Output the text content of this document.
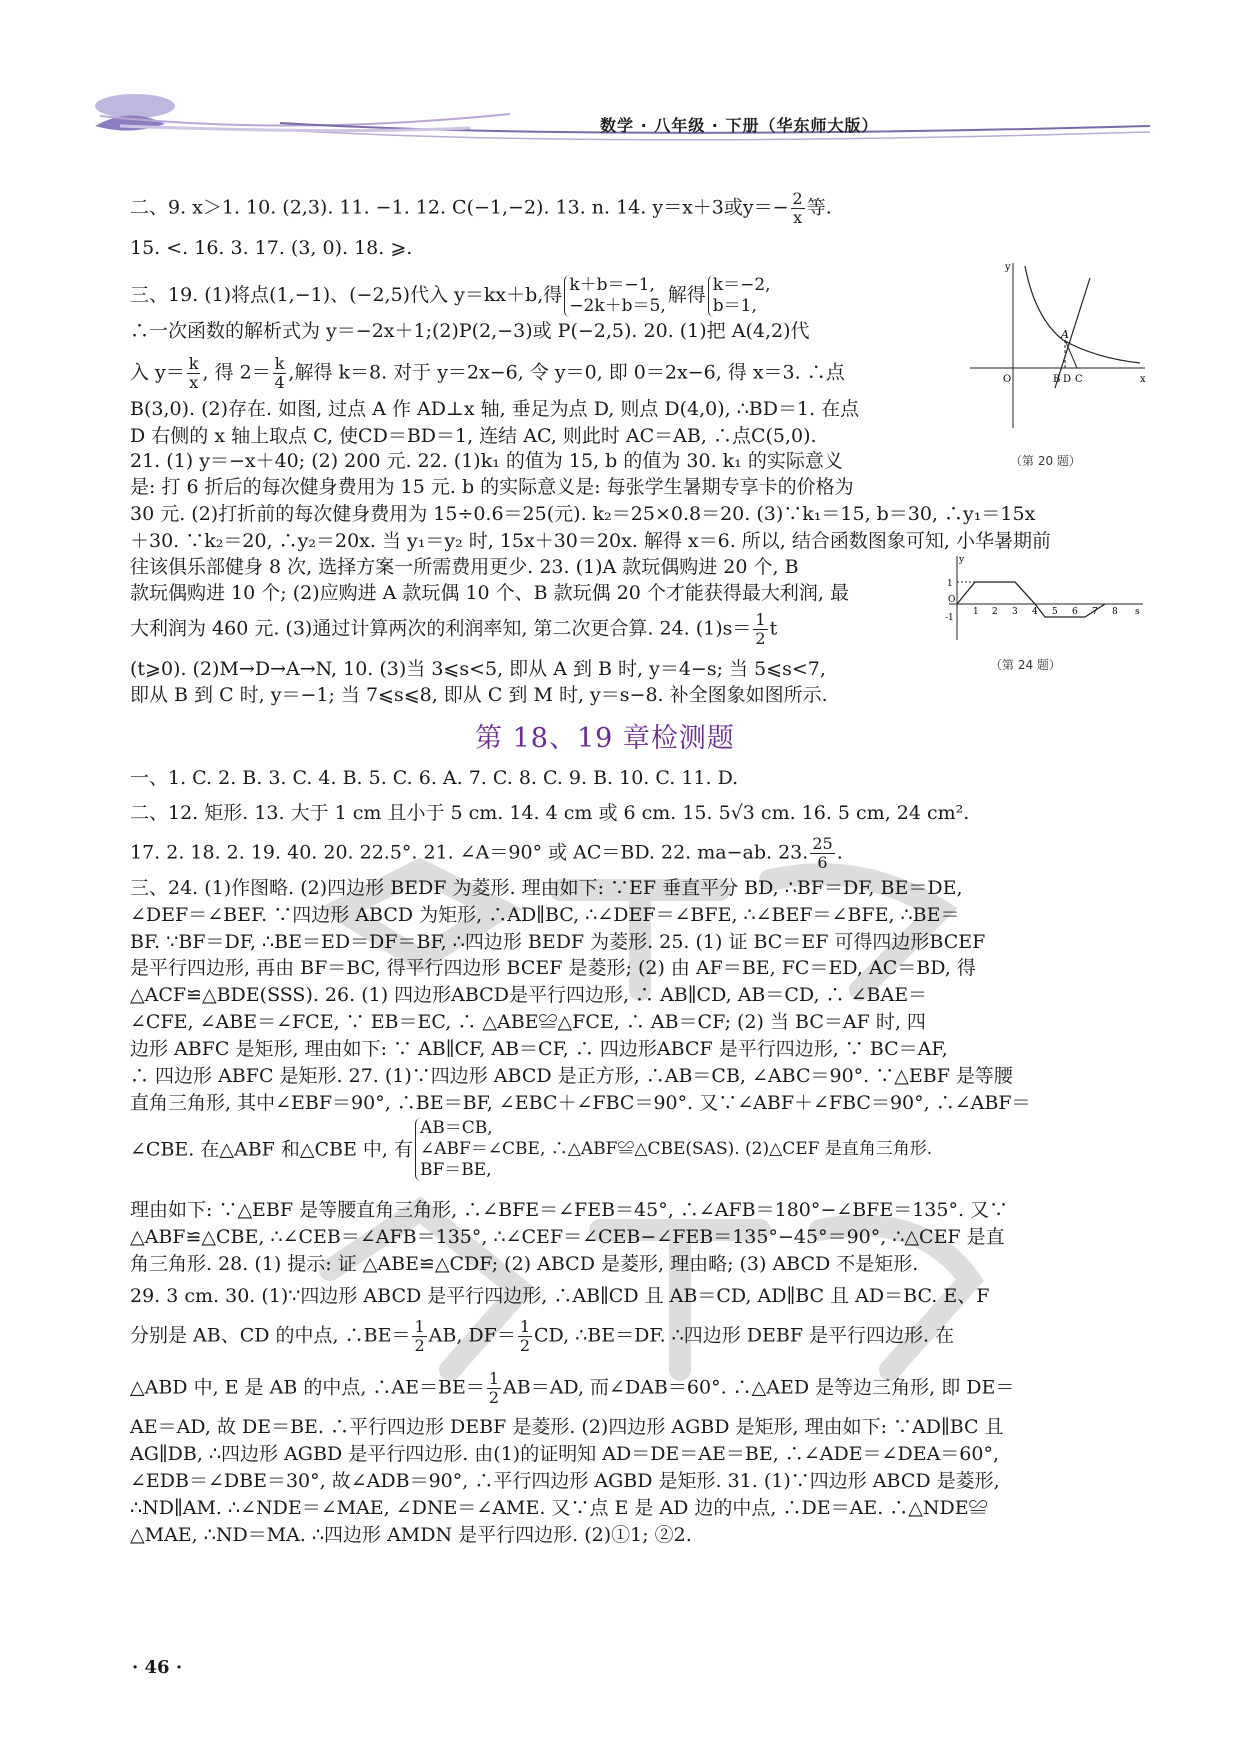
数学 · 八年级 · 下册（华东师大版）
二、9. x＞1. 10. (2,3). 11. −1. 12. C(−1,−2). 13. n. 14. y＝x＋3或$y=- \frac{2}{x}$ 等.
15. <. 16. 3. 17. (3, 0). 18. ⩾.
三、19. (1)将点(1,−1)、(−2,5)代入 y＝kx＋b,得 k＋b＝−1,
−2k＋b＝5, 解得 k＝−2,
b＝1,
∴一次函数的解析式为 y＝−2x＋1;(2)P(2,−3)或 P(−2,5). 20. (1)把 A(4,2)代
入 $y= \frac{k}{x}$ , 得 $2= \frac{k}{4}$ ,解得 k＝8. 对于 y＝2x−6, 令 y＝0, 即 0＝2x−6, 得 x＝3. ∴点
B(3,0). (2)存在. 如图, 过点 A 作 AD⊥x 轴, 垂足为点 D, 则点 D(4,0), ∴BD＝1. 在点
D 右侧的 x 轴上取点 C, 使CD＝BD＝1, 连结 AC, 则此时 AC＝AB, ∴点C(5,0).
21. (1) y＝−x＋40; (2) 200 元. 22. (1)k₁ 的值为 15, b 的值为 30. k₁ 的实际意义
是: 打 6 折后的每次健身费用为 15 元. b 的实际意义是: 每张学生暑期专享卡的价格为
30 元. (2)打折前的每次健身费用为 15÷0.6＝25(元). k₂＝25×0.8＝20. (3)∵k₁＝15, b＝30, ∴y₁＝15x
＋30. ∵k₂＝20, ∴y₂＝20x. 当 y₁＝y₂ 时, 15x＋30＝20x. 解得 x＝6. 所以, 结合函数图象可知, 小华暑期前
往该俱乐部健身 8 次, 选择方案一所需费用更少. 23. (1)A 款玩偶购进 20 个, B
款玩偶购进 10 个; (2)应购进 A 款玩偶 10 个、B 款玩偶 20 个才能获得最大利润, 最
大利润为 460 元. (3)通过计算两次的利润率知, 第二次更合算. 24. $(1)s= \frac{1}{2}$ t
(t⩾0). (2)M→D→A→N, 10. (3)当 3⩽s<5, 即从 A 到 B 时, y＝4−s; 当 5⩽s<7,
即从 B 到 C 时, y＝−1; 当 7⩽s⩽8, 即从 C 到 M 时, y＝s−8. 补全图象如图所示.
y
A
O	B D C	x
（第 20 题）
y
O
1 2 3 4 5 6 7 8 s
1
-1
（第 24 题）
第 18、19 章检测题
一、1. C. 2. B. 3. C. 4. B. 5. C. 6. A. 7. C. 8. C. 9. B. 10. C. 11. D.
二、12. 矩形. 13. 大于 1 cm 且小于 5 cm. 14. 4 cm 或 6 cm. 15. 5√3 cm. 16. 5 cm, 24 cm².
17. 2. 18. 2. 19. 40. 20. 22.5°. 21. ∠A＝90° 或 AC＝BD. 22. ma−ab. 23. $\frac{25}{6}$ .
三、24. (1)作图略. (2)四边形 BEDF 为菱形. 理由如下: ∵EF 垂直平分 BD, ∴BF＝DF, BE＝DE,
∠DEF＝∠BEF. ∵四边形 ABCD 为矩形, ∴AD∥BC, ∴∠DEF＝∠BFE, ∴∠BEF＝∠BFE, ∴BE＝
BF. ∵BF＝DF, ∴BE＝ED＝DF＝BF, ∴四边形 BEDF 为菱形. 25. (1) 证 BC＝EF 可得四边形BCEF
是平行四边形, 再由 BF＝BC, 得平行四边形 BCEF 是菱形; (2) 由 AF＝BE, FC＝ED, AC＝BD, 得
△ACF≌△BDE(SSS). 26. (1) 四边形ABCD是平行四边形, ∴ AB∥CD, AB＝CD, ∴ ∠BAE＝
∠CFE, ∠ABE＝∠FCE, ∵ EB＝EC, ∴ △ABE≌△FCE, ∴ AB＝CF; (2) 当 BC＝AF 时, 四
边形 ABFC 是矩形, 理由如下: ∵ AB∥CF, AB＝CF, ∴ 四边形ABCF 是平行四边形, ∵ BC＝AF,
∴ 四边形 ABFC 是矩形. 27. (1)∵四边形 ABCD 是正方形, ∴AB＝CB, ∠ABC＝90°. ∵△EBF 是等腰
直角三角形, 其中∠EBF＝90°, ∴BE＝BF, ∠EBC＋∠FBC＝90°. 又∵∠ABF＋∠FBC＝90°, ∴∠ABF＝
∠CBE. 在△ABF 和△CBE 中, 有
AB＝CB,
∠ABF＝∠CBE, ∴△ABF≌△CBE(SAS). (2)△CEF 是直角三角形.
BF＝BE,
理由如下: ∵△EBF 是等腰直角三角形, ∴∠BFE＝∠FEB＝45°, ∴∠AFB＝180°−∠BFE＝135°. 又∵
△ABF≌△CBE, ∴∠CEB＝∠AFB＝135°, ∴∠CEF＝∠CEB−∠FEB＝135°−45°＝90°, ∴△CEF 是直
角三角形. 28. (1) 提示: 证 △ABE≌△CDF; (2) ABCD 是菱形, 理由略; (3) ABCD 不是矩形.
29. 3 cm. 30. (1)∵四边形 ABCD 是平行四边形, ∴AB∥CD 且 AB＝CD, AD∥BC 且 AD＝BC. E、F
分别是 AB、CD 的中点, ∴BE＝ $\frac{1}{2}$ AB, $DF= \frac{1}{2}$ CD, ∴BE＝DF. ∴四边形 DEBF 是平行四边形. 在
△ABD 中, E 是 AB 的中点, ∴AE＝BE＝ $\frac{1}{2} AB=AD$, 而∠DAB＝60°. ∴△AED 是等边三角形, 即 DE＝
AE＝AD, 故 DE＝BE. ∴平行四边形 DEBF 是菱形. (2)四边形 AGBD 是矩形, 理由如下: ∵AD∥BC 且
AG∥DB, ∴四边形 AGBD 是平行四边形. 由(1)的证明知 AD＝DE＝AE＝BE, ∴∠ADE＝∠DEA＝60°,
∠EDB＝∠DBE＝30°, 故∠ADB＝90°, ∴平行四边形 AGBD 是矩形. 31. (1)∵四边形 ABCD 是菱形,
∴ND∥AM. ∴∠NDE＝∠MAE, ∠DNE＝∠AME. 又∵点 E 是 AD 边的中点, ∴DE＝AE. ∴△NDE≌
△MAE, ∴ND＝MA. ∴四边形 AMDN 是平行四边形. (2)①1; ②2.
· 46 ·
